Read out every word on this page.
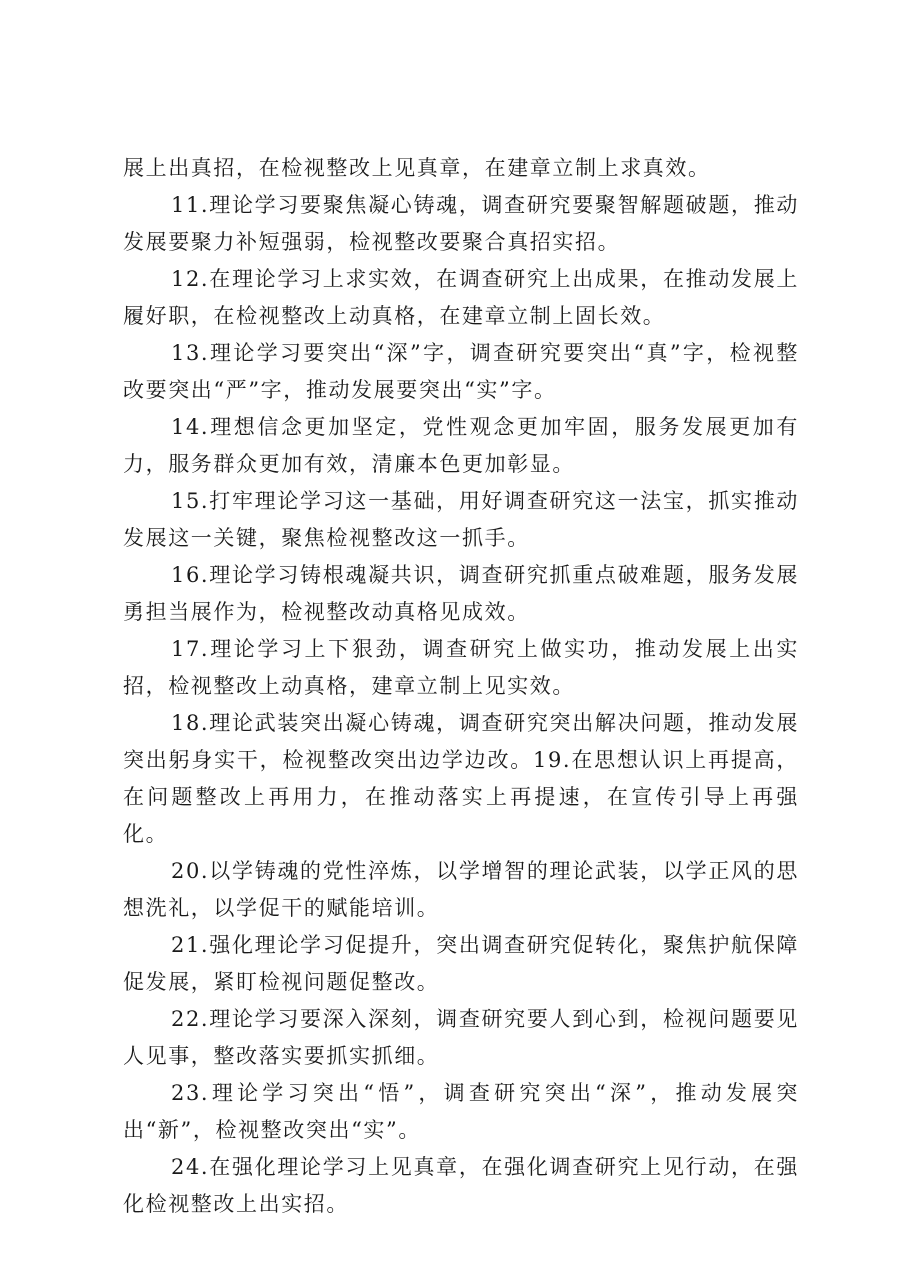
展上出真招，在检视整改上见真章，在建章立制上求真效。

11.理论学习要聚焦凝心铸魂，调查研究要聚智解题破题，推动发展要聚力补短强弱，检视整改要聚合真招实招。

12.在理论学习上求实效，在调查研究上出成果，在推动发展上履好职，在检视整改上动真格，在建章立制上固长效。

13.理论学习要突出“深”字，调查研究要突出“真”字，检视整改要突出“严”字，推动发展要突出“实”字。

14.理想信念更加坚定，党性观念更加牢固，服务发展更加有力，服务群众更加有效，清廉本色更加彰显。

15.打牢理论学习这一基础，用好调查研究这一法宝，抓实推动发展这一关键，聚焦检视整改这一抓手。

16.理论学习铸根魂凝共识，调查研究抓重点破难题，服务发展勇担当展作为，检视整改动真格见成效。

17.理论学习上下狠劲，调查研究上做实功，推动发展上出实招，检视整改上动真格，建章立制上见实效。

18.理论武装突出凝心铸魂，调查研究突出解决问题，推动发展突出躬身实干，检视整改突出边学边改。19.在思想认识上再提高，在问题整改上再用力，在推动落实上再提速，在宣传引导上再强化。

20.以学铸魂的党性淬炼，以学增智的理论武装，以学正风的思想洗礼，以学促干的赋能培训。

21.强化理论学习促提升，突出调查研究促转化，聚焦护航保障促发展，紧盯检视问题促整改。

22.理论学习要深入深刻，调查研究要人到心到，检视问题要见人见事，整改落实要抓实抓细。

23.理论学习突出“悟”，调查研究突出“深”，推动发展突出“新”，检视整改突出“实”。

24.在强化理论学习上见真章，在强化调查研究上见行动，在强化检视整改上出实招。
